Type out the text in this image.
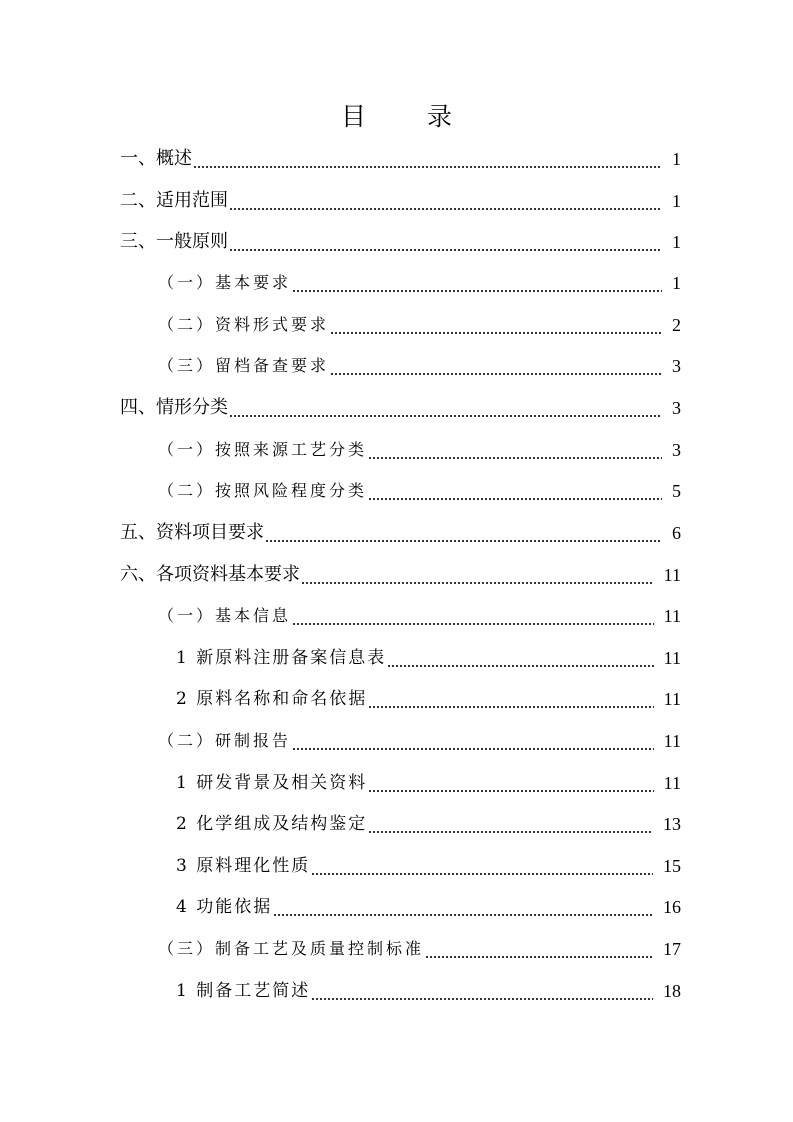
目　录
一、概述	1
二、适用范围	1
三、一般原则	1
（一）基本要求	1
（二）资料形式要求	2
（三）留档备查要求	3
四、情形分类	3
（一）按照来源工艺分类	3
（二）按照风险程度分类	5
五、资料项目要求	6
六、各项资料基本要求	11
（一）基本信息	11
1 新原料注册备案信息表	11
2 原料名称和命名依据	11
（二）研制报告	11
1 研发背景及相关资料	11
2 化学组成及结构鉴定	13
3 原料理化性质	15
4 功能依据	16
（三）制备工艺及质量控制标准	17
1 制备工艺简述	18
